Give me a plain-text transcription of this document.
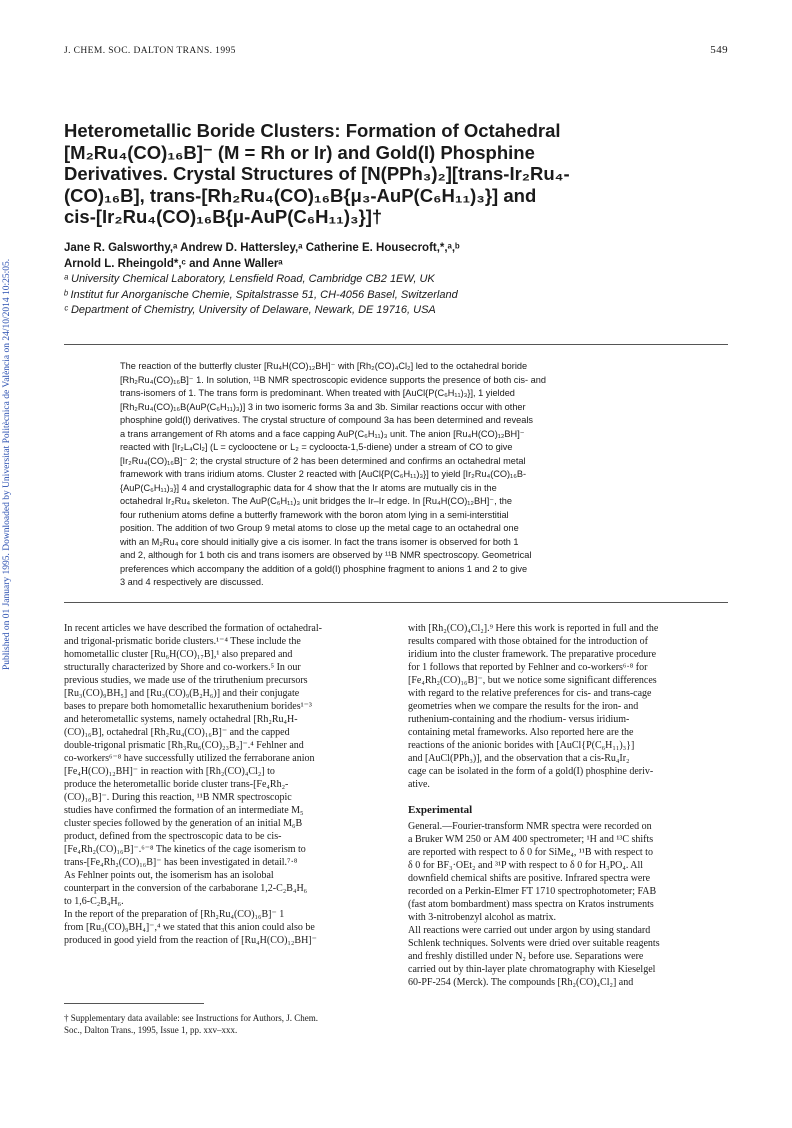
Published on 01 January 1995. Downloaded by Universitat Politècnica de València on 24/10/2014 10:25:05.
J. CHEM. SOC. DALTON TRANS. 1995	549
Heterometallic Boride Clusters: Formation of Octahedral
[M₂Ru₄(CO)₁₆B]⁻ (M = Rh or Ir) and Gold(I) Phosphine
Derivatives. Crystal Structures of [N(PPh₃)₂][trans-Ir₂Ru₄-
(CO)₁₆B], trans-[Rh₂Ru₄(CO)₁₆B{μ₃-AuP(C₆H₁₁)₃}] and
cis-[Ir₂Ru₄(CO)₁₆B{μ-AuP(C₆H₁₁)₃}]†
Jane R. Galsworthy,ᵃ Andrew D. Hattersley,ᵃ Catherine E. Housecroft,*,ᵃ,ᵇ
Arnold L. Rheingold*,ᶜ and Anne Wallerᵃ
ᵃ University Chemical Laboratory, Lensfield Road, Cambridge CB2 1EW, UK
ᵇ Institut fur Anorganische Chemie, Spitalstrasse 51, CH-4056 Basel, Switzerland
ᶜ Department of Chemistry, University of Delaware, Newark, DE 19716, USA
The reaction of the butterfly cluster [Ru₄H(CO)₁₂BH]⁻ with [Rh₂(CO)₄Cl₂] led to the octahedral boride
[Rh₂Ru₄(CO)₁₆B]⁻ 1. In solution, ¹¹B NMR spectroscopic evidence supports the presence of both cis- and
trans-isomers of 1. The trans form is predominant. When treated with [AuCl{P(C₆H₁₁)₃}], 1 yielded
[Rh₂Ru₄(CO)₁₆B(AuP(C₆H₁₁)₃)] 3 in two isomeric forms 3a and 3b. Similar reactions occur with other
phosphine gold(I) derivatives. The crystal structure of compound 3a has been determined and reveals
a trans arrangement of Rh atoms and a face capping AuP(C₆H₁₁)₃ unit. The anion [Ru₄H(CO)₁₂BH]⁻
reacted with [Ir₂L₄Cl₂] (L = cyclooctene or L₂ = cycloocta-1,5-diene) under a stream of CO to give
[Ir₂Ru₄(CO)₁₆B]⁻ 2; the crystal structure of 2 has been determined and confirms an octahedral metal
framework with trans iridium atoms. Cluster 2 reacted with [AuCl{P(C₆H₁₁)₃}] to yield [Ir₂Ru₄(CO)₁₆B-
{AuP(C₆H₁₁)₃}] 4 and crystallographic data for 4 show that the Ir atoms are mutually cis in the
octahedral Ir₂Ru₄ skeleton. The AuP(C₆H₁₁)₃ unit bridges the Ir–Ir edge. In [Ru₄H(CO)₁₂BH]⁻, the
four ruthenium atoms define a butterfly framework with the boron atom lying in a semi-interstitial
position. The addition of two Group 9 metal atoms to close up the metal cage to an octahedral one
with an M₂Ru₄ core should initially give a cis isomer. In fact the trans isomer is observed for both 1
and 2, although for 1 both cis and trans isomers are observed by ¹¹B NMR spectroscopy. Geometrical
preferences which accompany the addition of a gold(I) phosphine fragment to anions 1 and 2 to give
3 and 4 respectively are discussed.
In recent articles we have described the formation of octahedral-
and trigonal-prismatic boride clusters.¹⁻⁴ These include the
homometallic cluster [Ru₆H(CO)₁₇B],¹ also prepared and
structurally characterized by Shore and co-workers.⁵ In our
previous studies, we made use of the triruthenium precursors
[Ru₃(CO)₉BH₅] and [Ru₃(CO)₉(B₂H₆)] and their conjugate
bases to prepare both homometallic hexaruthenium borides¹⁻³
and heterometallic systems, namely octahedral [Rh₂Ru₄H-
(CO)₁₆B], octahedral [Rh₂Ru₄(CO)₁₆B]⁻ and the capped
double-trigonal prismatic [Rh₃Ru₆(CO)₂₃B₂]⁻.⁴ Fehlner and
co-workers⁶⁻⁸ have successfully utilized the ferraborane anion
[Fe₄H(CO)₁₂BH]⁻ in reaction with [Rh₂(CO)₄Cl₂] to
produce the heterometallic boride cluster trans-[Fe₄Rh₂-
(CO)₁₆B]⁻. During this reaction, ¹¹B NMR spectroscopic
studies have confirmed the formation of an intermediate M₅
cluster species followed by the generation of an initial M₆B
product, defined from the spectroscopic data to be cis-
[Fe₄Rh₂(CO)₁₆B]⁻.⁶⁻⁸ The kinetics of the cage isomerism to
trans-[Fe₄Rh₂(CO)₁₆B]⁻ has been investigated in detail.⁷·⁸
As Fehlner points out, the isomerism has an isolobal
counterpart in the conversion of the carbaborane 1,2-C₂B₄H₆
to 1,6-C₂B₄H₆.
In the report of the preparation of [Rh₂Ru₄(CO)₁₆B]⁻ 1
from [Ru₃(CO)₉BH₄]⁻,⁴ we stated that this anion could also be
produced in good yield from the reaction of [Ru₄H(CO)₁₂BH]⁻
† Supplementary data available: see Instructions for Authors, J. Chem.
Soc., Dalton Trans., 1995, Issue 1, pp. xxv–xxx.
with [Rh₂(CO)₄Cl₂].⁹ Here this work is reported in full and the
results compared with those obtained for the introduction of
iridium into the cluster framework. The preparative procedure
for 1 follows that reported by Fehlner and co-workers⁶·⁸ for
[Fe₄Rh₂(CO)₁₆B]⁻, but we notice some significant differences
with regard to the relative preferences for cis- and trans-cage
geometries when we compare the results for the iron- and
ruthenium-containing and the rhodium- versus iridium-
containing metal frameworks. Also reported here are the
reactions of the anionic borides with [AuCl{P(C₆H₁₁)₃}]
and [AuCl(PPh₃)], and the observation that a cis-Ru₄Ir₂
cage can be isolated in the form of a gold(I) phosphine deriv-
ative.
Experimental
General.—Fourier-transform NMR spectra were recorded on
a Bruker WM 250 or AM 400 spectrometer; ¹H and ¹³C shifts
are reported with respect to δ 0 for SiMe₄, ¹¹B with respect to
δ 0 for BF₃·OEt₂ and ³¹P with respect to δ 0 for H₃PO₄. All
downfield chemical shifts are positive. Infrared spectra were
recorded on a Perkin-Elmer FT 1710 spectrophotometer; FAB
(fast atom bombardment) mass spectra on Kratos instruments
with 3-nitrobenzyl alcohol as matrix.
All reactions were carried out under argon by using standard
Schlenk techniques. Solvents were dried over suitable reagents
and freshly distilled under N₂ before use. Separations were
carried out by thin-layer plate chromatography with Kieselgel
60-PF-254 (Merck). The compounds [Rh₂(CO)₄Cl₂] and
